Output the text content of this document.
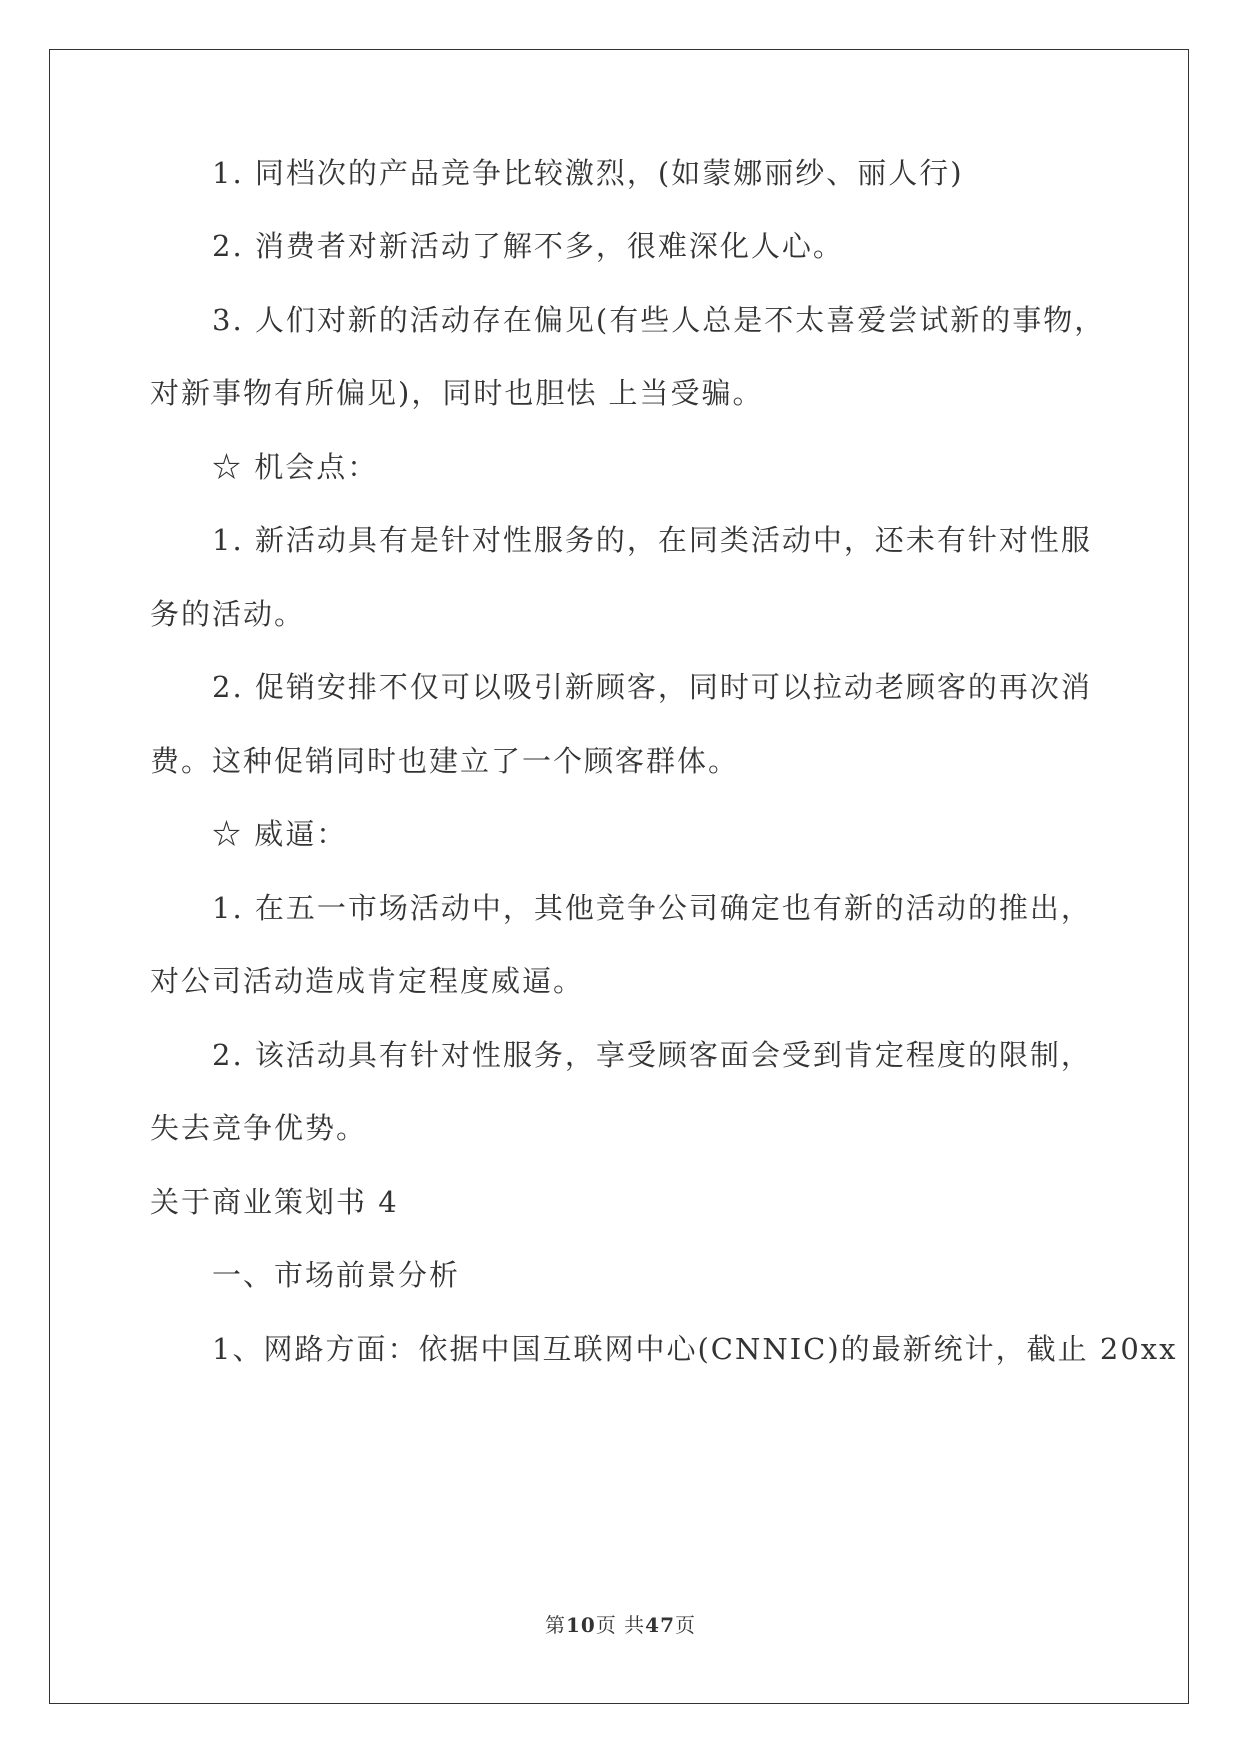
1. 同档次的产品竞争比较激烈，(如蒙娜丽纱、丽人行)
2. 消费者对新活动了解不多，很难深化人心。
3. 人们对新的活动存在偏见(有些人总是不太喜爱尝试新的事物，
对新事物有所偏见)，同时也胆怯 上当受骗。
☆ 机会点：
1. 新活动具有是针对性服务的，在同类活动中，还未有针对性服
务的活动。
2. 促销安排不仅可以吸引新顾客，同时可以拉动老顾客的再次消
费。这种促销同时也建立了一个顾客群体。
☆ 威逼：
1. 在五一市场活动中，其他竞争公司确定也有新的活动的推出，
对公司活动造成肯定程度威逼。
2. 该活动具有针对性服务，享受顾客面会受到肯定程度的限制，
失去竞争优势。
关于商业策划书 4
一、市场前景分析
1、网路方面：依据中国互联网中心(CNNIC)的最新统计，截止 20xx
第10页 共47页
